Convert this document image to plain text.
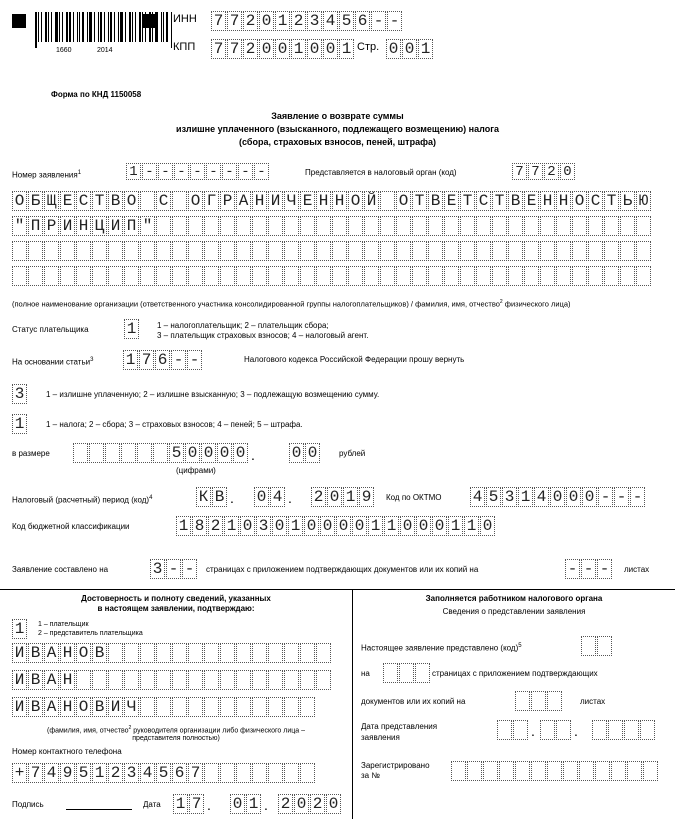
1660	2014
ИНН 7 7 2 0 1 2 3 4 5 6 - -
КПП 7 7 2 0 0 1 0 0 1 Стр. 0 0 1
Форма по КНД 1150058
Заявление о возврате суммы
излишне уплаченного (взысканного, подлежащего возмещению) налога
(сбора, страховых взносов, пеней, штрафа)
Номер заявления$^1$	1 - - - - - - - -	Представляется в налоговый орган (код)	7 7 2 0
О Б Щ Е С Т В О С О Г Р А Н И Ч Е Н Н О Й О Т В Е Т С Т В Е Н Н О С Т Ь Ю
" П Р И Н Ц И П "
(полное наименование организации (ответственного участника консолидированной группы налогоплательщиков) / фамилия, имя, отчество$^2$ физического лица)
Статус плательщика 1	1 – налогоплательщик; 2 – плательщик сбора;
3 – плательщик страховых взносов; 4 – налоговый агент.
На основании статьи$^3$ 1 7 6 - -	Налогового кодекса Российской Федерации прошу вернуть
3	1 – излишне уплаченную; 2 – излишне взысканную; 3 – подлежащую возмещению сумму.
1	1 – налога; 2 – сбора; 3 – страховых взносов; 4 – пеней; 5 – штрафа.
в размере	5 0 0 0 0 . 0 0	рублей
(цифрами)
Налоговый (расчетный) период (код)$^4$	К В . 0 4 . 2 0 1 9	Код по ОКТМО 4 5 3 1 4 0 0 0 - - -
Код бюджетной классификации	1 8 2 1 0 3 0 1 0 0 0 0 1 1 0 0 0 1 1 0
Заявление составлено на	3 - -	страницах с приложением подтверждающих документов или их копий на	- - -	листах
Достоверность и полноту сведений, указанных
в настоящем заявлении, подтверждаю:
1	1 – плательщик
2 – представитель плательщика
И В А Н О В
И В А Н
И В А Н О В И Ч
(фамилия, имя, отчество$^2$ руководителя организации либо физического лица –
представителя полностью)
Номер контактного телефона
+ 7 4 9 5 1 2 3 4 5 6 7
Подпись	Дата 1 7 . 0 1 . 2 0 2 0
Заполняется работником налогового органа
Сведения о представлении заявления
Настоящее заявление представлено (код)$^5$
на	страницах с приложением подтверждающих
документов или их копий на	листах
Дата представления
заявления	.	.
Зарегистрировано
за №
